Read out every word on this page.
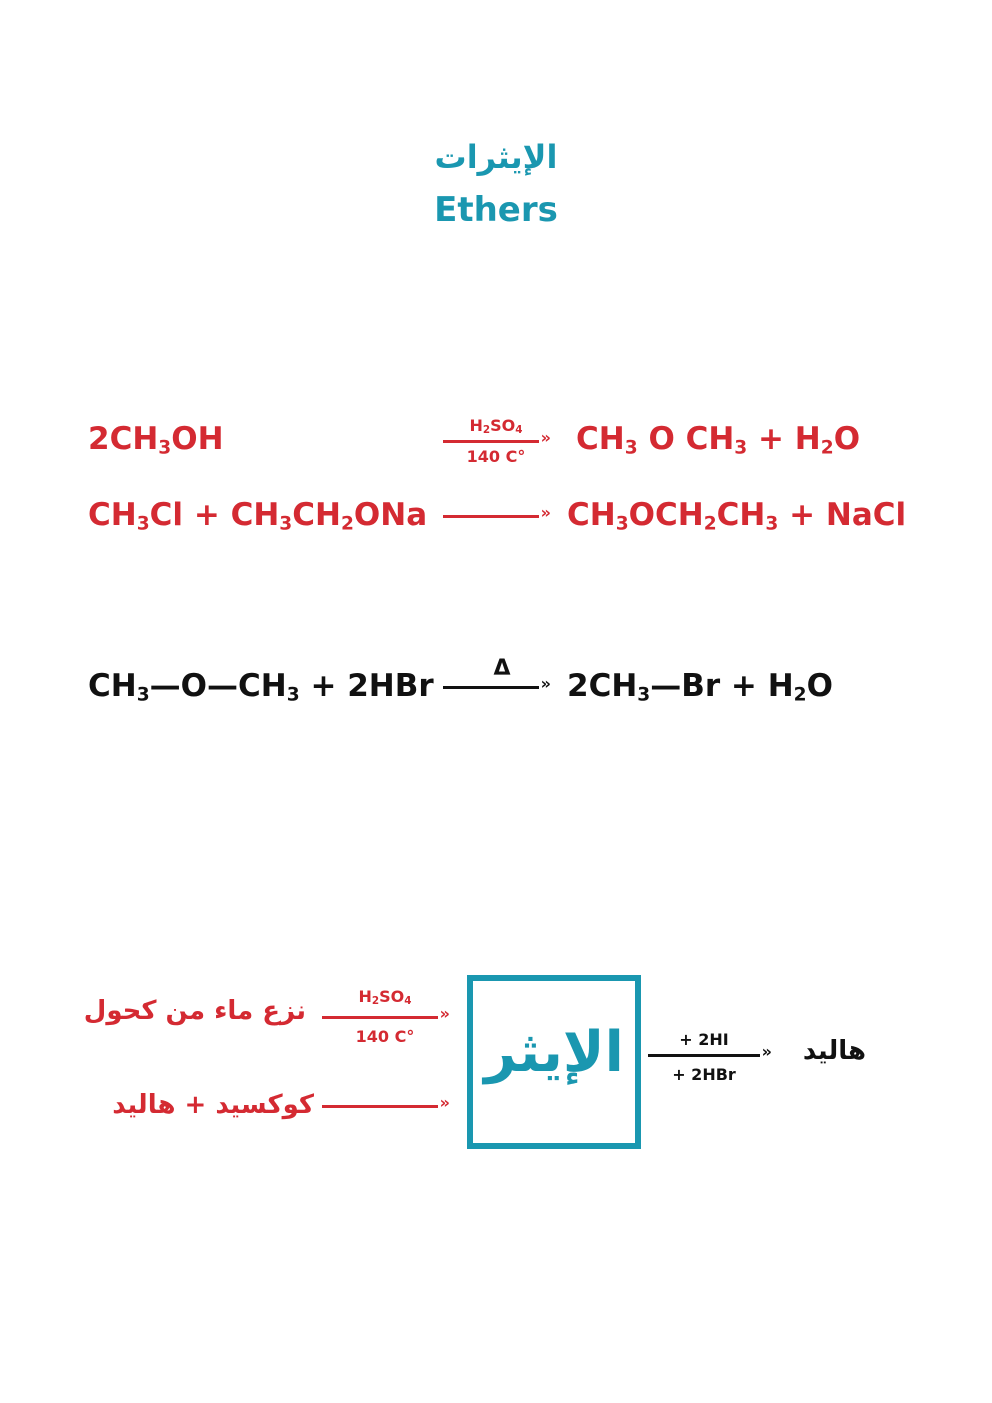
الإيثرات
Ethers
$2CH_3OH$	$H_2SO_4$
»
140 C°	$CH_3$ O $CH_3 + H_2O$
$CH_3Cl + CH_3CH_2ONa$ »	$CH_3OCH_2CH_3$ + NaCl
$CH_3—O—CH_3 + 2HBr$	Δ »	$2CH_3—Br + H_2O$
نزع ماء من كحول	$H_2SO_4$
»
140 C°
كوكسيد + هاليد
»
الإيثر	+ 2HI
»
+ 2HBr
هاليد
